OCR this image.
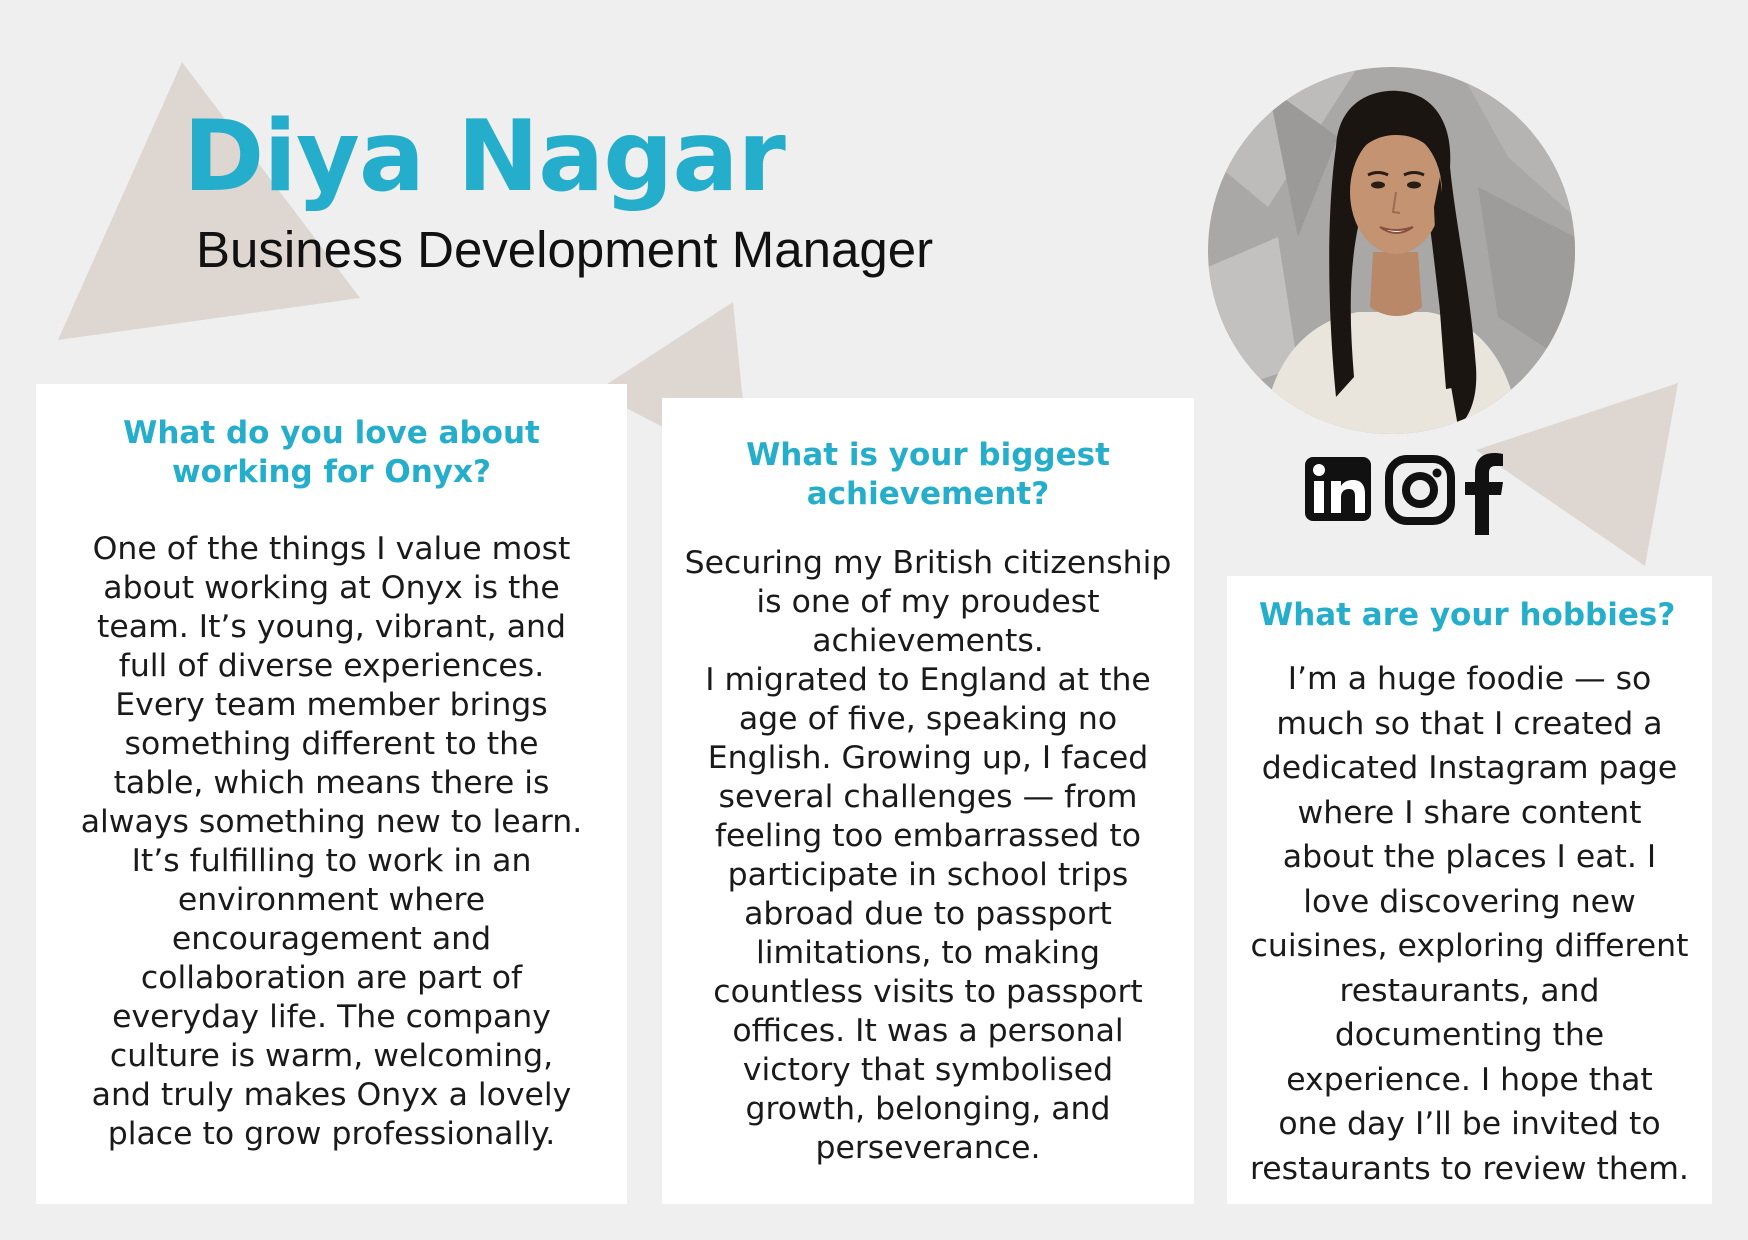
Diya Nagar
Business Development Manager
What do you love about
working for Onyx?

One of the things I value most
about working at Onyx is the
team. It’s young, vibrant, and
full of diverse experiences.
Every team member brings
something different to the
table, which means there is
always something new to learn.
It’s fulfilling to work in an
environment where
encouragement and
collaboration are part of
everyday life. The company
culture is warm, welcoming,
and truly makes Onyx a lovely
place to grow professionally.

What is your biggest
achievement?

Securing my British citizenship
is one of my proudest
achievements.
I migrated to England at the
age of five, speaking no
English. Growing up, I faced
several challenges — from
feeling too embarrassed to
participate in school trips
abroad due to passport
limitations, to making
countless visits to passport
offices. It was a personal
victory that symbolised
growth, belonging, and
perseverance.

What are your hobbies?

I’m a huge foodie — so
much so that I created a
dedicated Instagram page
where I share content
about the places I eat. I
love discovering new
cuisines, exploring different
restaurants, and
documenting the
experience. I hope that
one day I’ll be invited to
restaurants to review them.
